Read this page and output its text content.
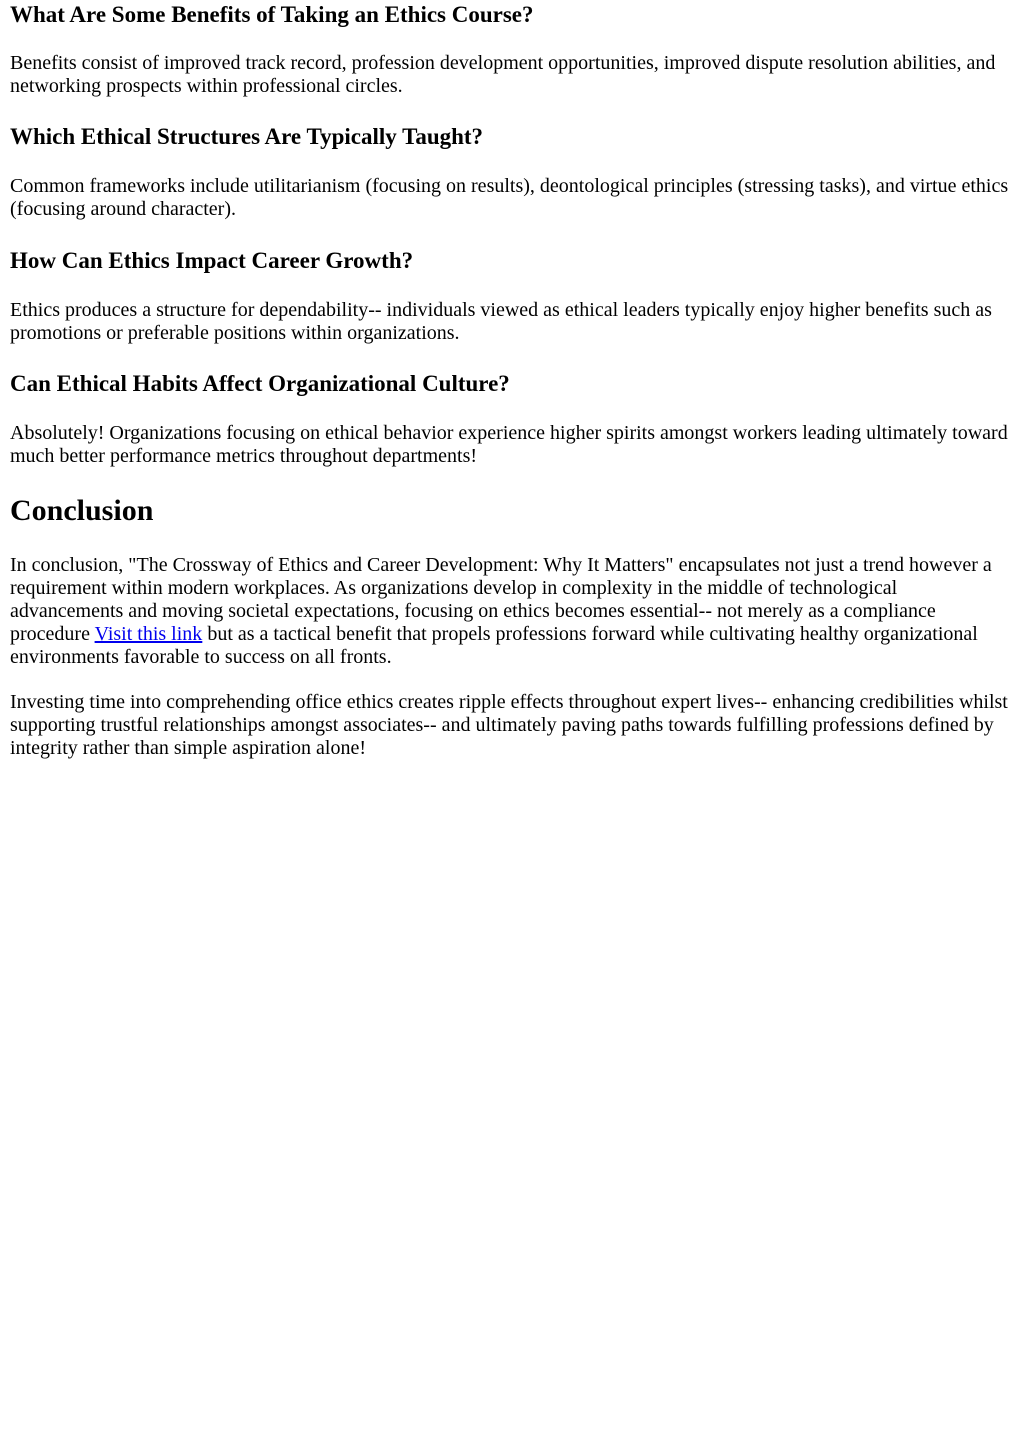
What Are Some Benefits of Taking an Ethics Course?

Benefits consist of improved track record, profession development opportunities, improved dispute resolution abilities, and networking prospects within professional circles.

Which Ethical Structures Are Typically Taught?

Common frameworks include utilitarianism (focusing on results), deontological principles (stressing tasks), and virtue ethics (focusing around character).

How Can Ethics Impact Career Growth?

Ethics produces a structure for dependability-- individuals viewed as ethical leaders typically enjoy higher benefits such as promotions or preferable positions within organizations.

Can Ethical Habits Affect Organizational Culture?

Absolutely! Organizations focusing on ethical behavior experience higher spirits amongst workers leading ultimately toward much better performance metrics throughout departments!

Conclusion

In conclusion, "The Crossway of Ethics and Career Development: Why It Matters" encapsulates not just a trend however a requirement within modern workplaces. As organizations develop in complexity in the middle of technological advancements and moving societal expectations, focusing on ethics becomes essential-- not merely as a compliance procedure Visit this link but as a tactical benefit that propels professions forward while cultivating healthy organizational environments favorable to success on all fronts.

Investing time into comprehending office ethics creates ripple effects throughout expert lives-- enhancing credibilities whilst supporting trustful relationships amongst associates-- and ultimately paving paths towards fulfilling professions defined by integrity rather than simple aspiration alone!
